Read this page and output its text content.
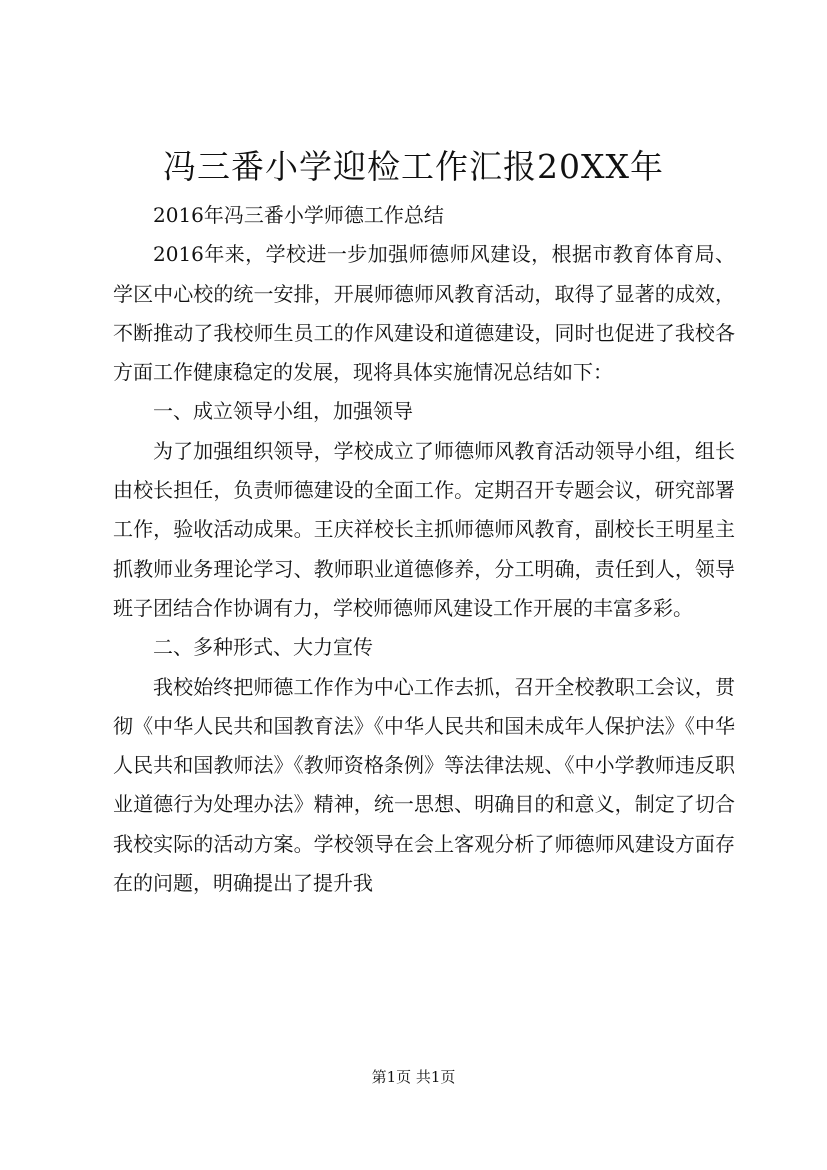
冯三番小学迎检工作汇报20XX年

2016年冯三番小学师德工作总结

2016年来，学校进一步加强师德师风建设，根据市教育体育局、学区中心校的统一安排，开展师德师风教育活动，取得了显著的成效，不断推动了我校师生员工的作风建设和道德建设，同时也促进了我校各方面工作健康稳定的发展，现将具体实施情况总结如下：

一、成立领导小组，加强领导

为了加强组织领导，学校成立了师德师风教育活动领导小组，组长由校长担任，负责师德建设的全面工作。定期召开专题会议，研究部署工作，验收活动成果。王庆祥校长主抓师德师风教育，副校长王明星主抓教师业务理论学习、教师职业道德修养，分工明确，责任到人，领导班子团结合作协调有力，学校师德师风建设工作开展的丰富多彩。

二、多种形式、大力宣传

我校始终把师德工作作为中心工作去抓，召开全校教职工会议，贯彻《中华人民共和国教育法》《中华人民共和国未成年人保护法》《中华人民共和国教师法》《教师资格条例》等法律法规、《中小学教师违反职业道德行为处理办法》精神，统一思想、明确目的和意义，制定了切合我校实际的活动方案。学校领导在会上客观分析了师德师风建设方面存在的问题，明确提出了提升我

第1页 共1页
